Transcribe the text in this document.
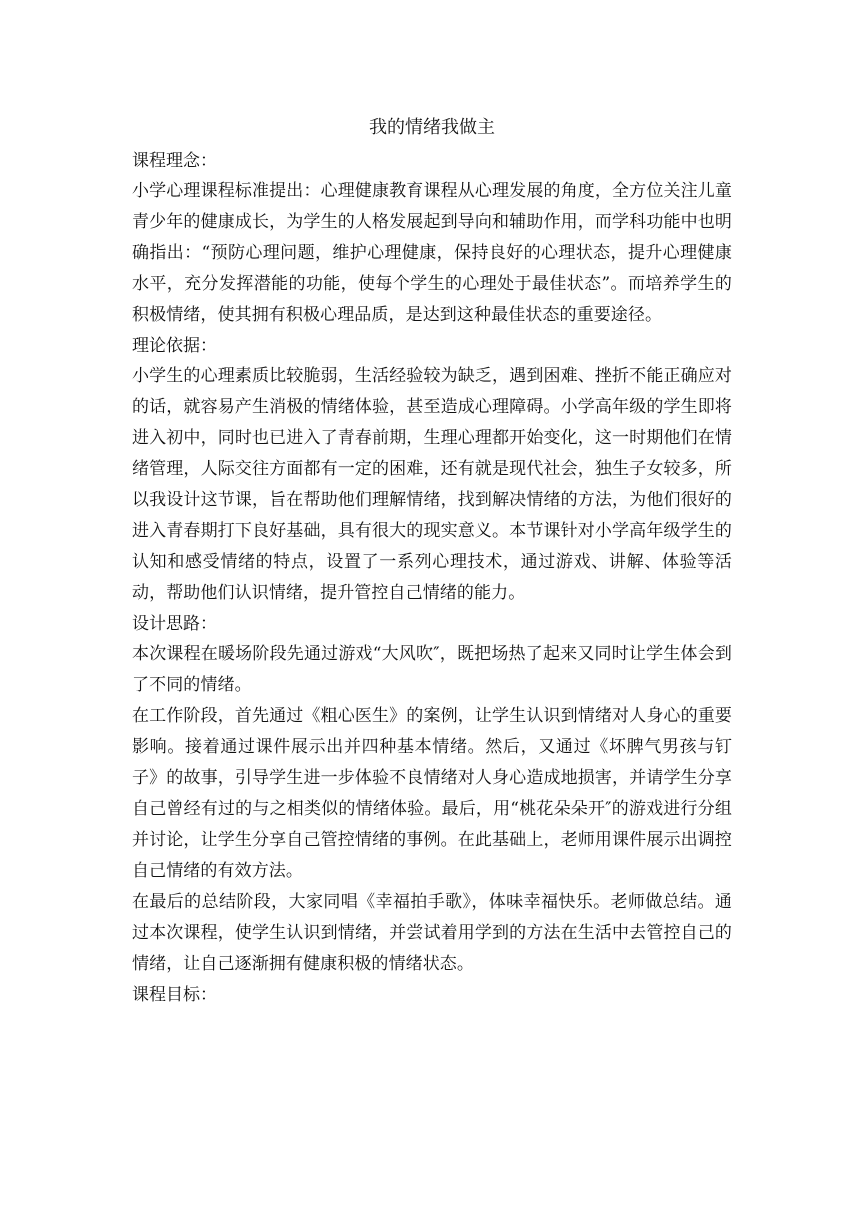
我的情绪我做主

课程理念：

小学心理课程标准提出：心理健康教育课程从心理发展的角度，全方位关注儿童青少年的健康成长，为学生的人格发展起到导向和辅助作用，而学科功能中也明确指出：“预防心理问题，维护心理健康，保持良好的心理状态，提升心理健康水平，充分发挥潜能的功能，使每个学生的心理处于最佳状态”。而培养学生的积极情绪，使其拥有积极心理品质，是达到这种最佳状态的重要途径。

理论依据：

小学生的心理素质比较脆弱，生活经验较为缺乏，遇到困难、挫折不能正确应对的话，就容易产生消极的情绪体验，甚至造成心理障碍。小学高年级的学生即将进入初中，同时也已进入了青春前期，生理心理都开始变化，这一时期他们在情绪管理，人际交往方面都有一定的困难，还有就是现代社会，独生子女较多，所以我设计这节课，旨在帮助他们理解情绪，找到解决情绪的方法，为他们很好的进入青春期打下良好基础，具有很大的现实意义。本节课针对小学高年级学生的认知和感受情绪的特点，设置了一系列心理技术，通过游戏、讲解、体验等活动，帮助他们认识情绪，提升管控自己情绪的能力。

设计思路：

本次课程在暖场阶段先通过游戏“大风吹″，既把场热了起来又同时让学生体会到了不同的情绪。

在工作阶段，首先通过《粗心医生》的案例，让学生认识到情绪对人身心的重要影响。接着通过课件展示出并四种基本情绪。然后，又通过《坏脾气男孩与钉子》的故事，引导学生进一步体验不良情绪对人身心造成地损害，并请学生分享自己曾经有过的与之相类似的情绪体验。最后，用“桃花朵朵开″的游戏进行分组并讨论，让学生分享自己管控情绪的事例。在此基础上，老师用课件展示出调控自己情绪的有效方法。

在最后的总结阶段，大家同唱《幸福拍手歌》，体味幸福快乐。老师做总结。通过本次课程，使学生认识到情绪，并尝试着用学到的方法在生活中去管控自己的情绪，让自己逐渐拥有健康积极的情绪状态。

课程目标：
